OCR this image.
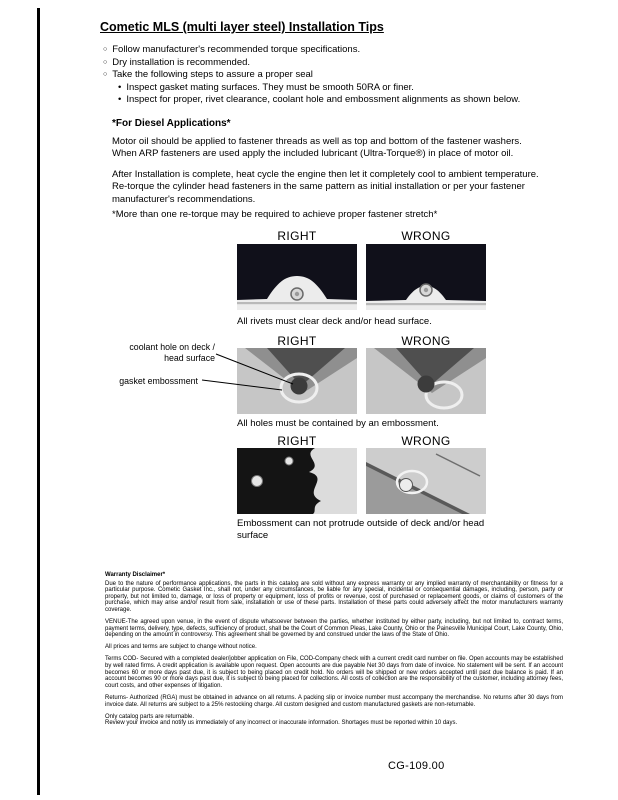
Cometic MLS (multi layer steel) Installation Tips
○ Follow manufacturer's recommended torque specifications.
○ Dry installation is recommended.
○ Take the following steps to assure a proper seal
• Inspect gasket mating surfaces. They must be smooth 50RA or finer.
• Inspect for proper, rivet clearance, coolant hole and embossment alignments as shown below.
*For Diesel Applications*
Motor oil should be applied to fastener threads as well as top and bottom of the fastener washers. When ARP fasteners are used apply the included lubricant (Ultra-Torque®) in place of motor oil.
After Installation is complete, heat cycle the engine then let it completely cool to ambient temperature. Re-torque the cylinder head fasteners in the same pattern as initial installation or per your fastener manufacturer's recommendations.
*More than one re-torque may be required to achieve proper fastener stretch*
RIGHT	WRONG
All rivets must clear deck and/or head surface.
RIGHT	WRONG
coolant hole on deck / head surface
gasket embossment
All holes must be contained by an embossment.
RIGHT	WRONG
Embossment can not protrude outside of deck and/or head surface

Warranty Disclaimer*

Due to the nature of performance applications, the parts in this catalog are sold without any express warranty or any implied warranty of merchantability or fitness for a particular purpose. Cometic Gasket Inc., shall not, under any circumstances, be liable for any special, incidental or consequential damages, including, person, party or property, but not limited to, damage, or loss of property or equipment, loss of profits or revenue, cost of purchased or replacement goods, or claims of customers of the purchase, which may arise and/or result from sale, installation or use of these parts. Installation of these parts could adversely affect the motor manufacturers warranty coverage.

VENUE-The agreed upon venue, in the event of dispute whatsoever between the parties, whether instituted by either party, including, but not limited to, contract terms, payment terms, delivery, type, defects, sufficiency of product, shall be the Court of Common Pleas, Lake County, Ohio or the Painesville Municipal Court, Lake County, Ohio, depending on the amount in controversy. This agreement shall be governed by and construed under the laws of the State of Ohio.

All prices and terms are subject to change without notice.

Terms COD- Secured with a completed dealer/jobber application on File, COD-Company check with a current credit card number on file. Open accounts may be established by well rated firms. A credit application is available upon request. Open accounts are due payable Net 30 days from date of invoice. No statement will be sent. If an account becomes 60 or more days past due, it is subject to being placed on credit hold. No orders will be shipped or new orders accepted until past due balance is paid. If an account becomes 90 or more days past due, it is subject to being placed for collections. All costs of collection are the responsibility of the customer, including attorney fees, court costs, and other expenses of litigation.

Returns- Authorized (RGA) must be obtained in advance on all returns. A packing slip or invoice number must accompany the merchandise. No returns after 30 days from invoice date. All returns are subject to a 25% restocking charge. All custom designed and custom manufactured gaskets are non-returnable.

Only catalog parts are returnable.

Review your invoice and notify us immediately of any incorrect or inaccurate information. Shortages must be reported within 10 days.

CG-109.00
